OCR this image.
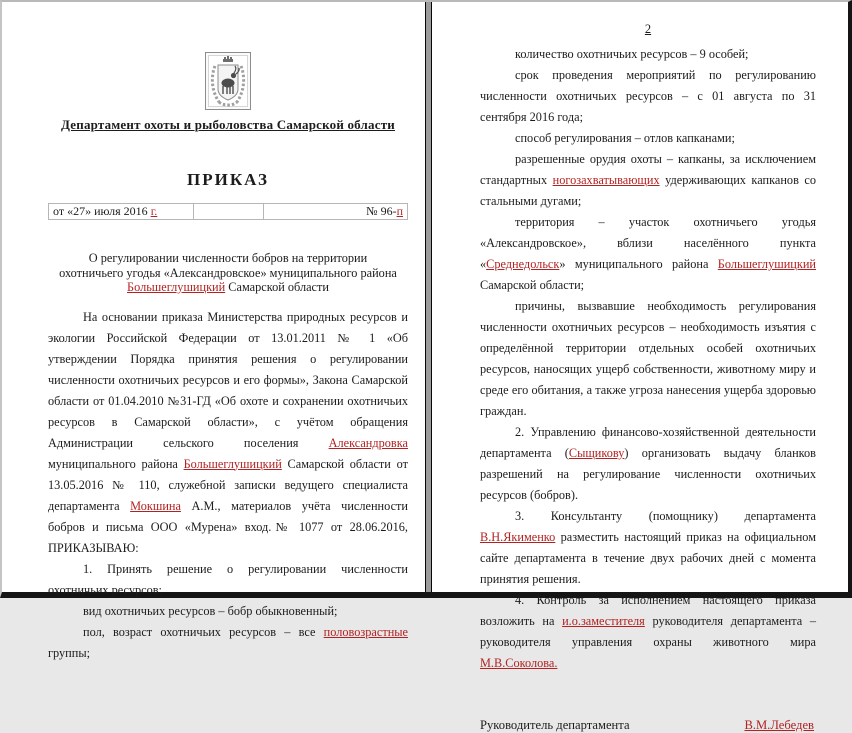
Департамент охоты и рыболовства Самарской области
ПРИКАЗ
от «27» июля 2016 г.		№ 96-п
О регулировании численности бобров на территории охотничьего угодья «Александровское» муниципального района Большеглушицкий Самарской области

На основании приказа Министерства природных ресурсов и экологии Российской Федерации от 13.01.2011 № 1 «Об утверждении Порядка принятия решения о регулировании численности охотничьих ресурсов и его формы», Закона Самарской области от 01.04.2010 №31-ГД «Об охоте и сохранении охотничьих ресурсов в Самарской области», с учётом обращения Администрации сельского поселения Александровка муниципального района Большеглушицкий Самарской области от 13.05.2016 № 110, служебной записки ведущего специалиста департамента Мокшина А.М., материалов учёта численности бобров и письма ООО «Мурена» вход.№ 1077 от 28.06.2016, ПРИКАЗЫВАЮ:

1. Принять решение о регулировании численности охотничьих ресурсов:

вид охотничьих ресурсов – бобр обыкновенный;

пол, возраст охотничьих ресурсов – все половозрастные группы;

2

количество охотничьих ресурсов – 9 особей;

срок проведения мероприятий по регулированию численности охотничьих ресурсов – с 01 августа по 31 сентября 2016 года;

способ регулирования – отлов капканами;

разрешенные орудия охоты – капканы, за исключением стандартных ногозахватывающих удерживающих капканов со стальными дугами;

территория – участок охотничьего угодья «Александровское», вблизи населённого пункта «Среднедольск» муниципального района Большеглушицкий Самарской области;

причины, вызвавшие необходимость регулирования численности охотничьих ресурсов – необходимость изъятия с определённой территории отдельных особей охотничьих ресурсов, наносящих ущерб собственности, животному миру и среде его обитания, а также угроза нанесения ущерба здоровью граждан.

2. Управлению финансово-хозяйственной деятельности департамента (Сыщикову) организовать выдачу бланков разрешений на регулирование численности охотничьих ресурсов (бобров).

3. Консультанту (помощнику) департамента В.Н.Якименко разместить настоящий приказ на официальном сайте департамента в течение двух рабочих дней с момента принятия решения.

4. Контроль за исполнением настоящего приказа возложить на и.о.заместителя руководителя департамента – руководителя управления охраны животного мира М.В.Соколова.

Руководитель департамента	В.М.Лебедев
